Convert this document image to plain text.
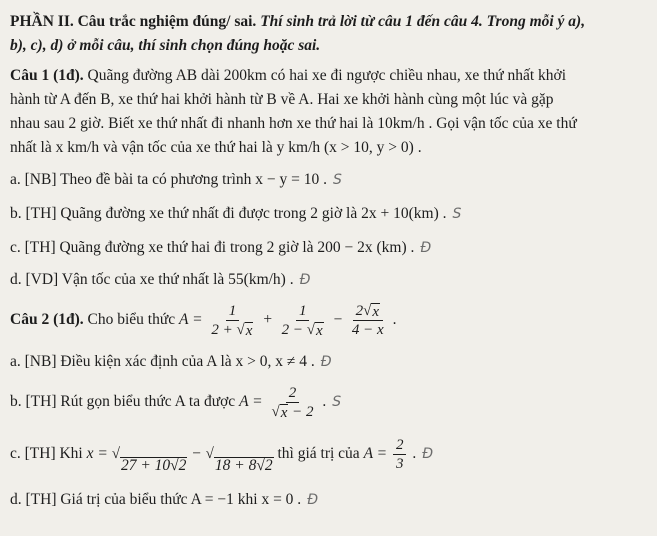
PHẦN II. Câu trắc nghiệm đúng/ sai. Thí sinh trả lời từ câu 1 đến câu 4. Trong mỗi ý a),
b), c), d) ở mỗi câu, thí sinh chọn đúng hoặc sai.
Câu 1 (1đ). Quãng đường AB dài 200km có hai xe đi ngược chiều nhau, xe thứ nhất khởi
hành từ A đến B, xe thứ hai khởi hành từ B về A. Hai xe khởi hành cùng một lúc và gặp
nhau sau 2 giờ. Biết xe thứ nhất đi nhanh hơn xe thứ hai là 10km/h . Gọi vận tốc của xe thứ
nhất là x km/h và vận tốc của xe thứ hai là y km/h (x > 10, y > 0) .
a. [NB] Theo đề bài ta có phương trình x − y = 10 . S
b. [TH] Quãng đường xe thứ nhất đi được trong 2 giờ là 2x + 10(km) . S
c. [TH] Quãng đường xe thứ hai đi trong 2 giờ là 200 − 2x (km) . Đ
d. [VD] Vận tốc của xe thứ nhất là 55(km/h) . Đ
Câu 2 (1đ). Cho biểu thức $A = \frac{1}{2 + √ x} + \frac{1}{2 - √ x} - \frac{2 √ x}{4 - x}$ .
a. [NB] Điều kiện xác định của A là x > 0, x ≠ 4 . Đ
b. [TH] Rút gọn biểu thức A ta được $A = \frac{2}{√ x - 2}$ . S
c. [TH] Khi x = √
27 + 10√2
− √
18 + 8√2
thì giá trị của $A = \frac{2}{3}$ . Đ
d. [TH] Giá trị của biểu thức A = −1 khi x = 0 . Đ
